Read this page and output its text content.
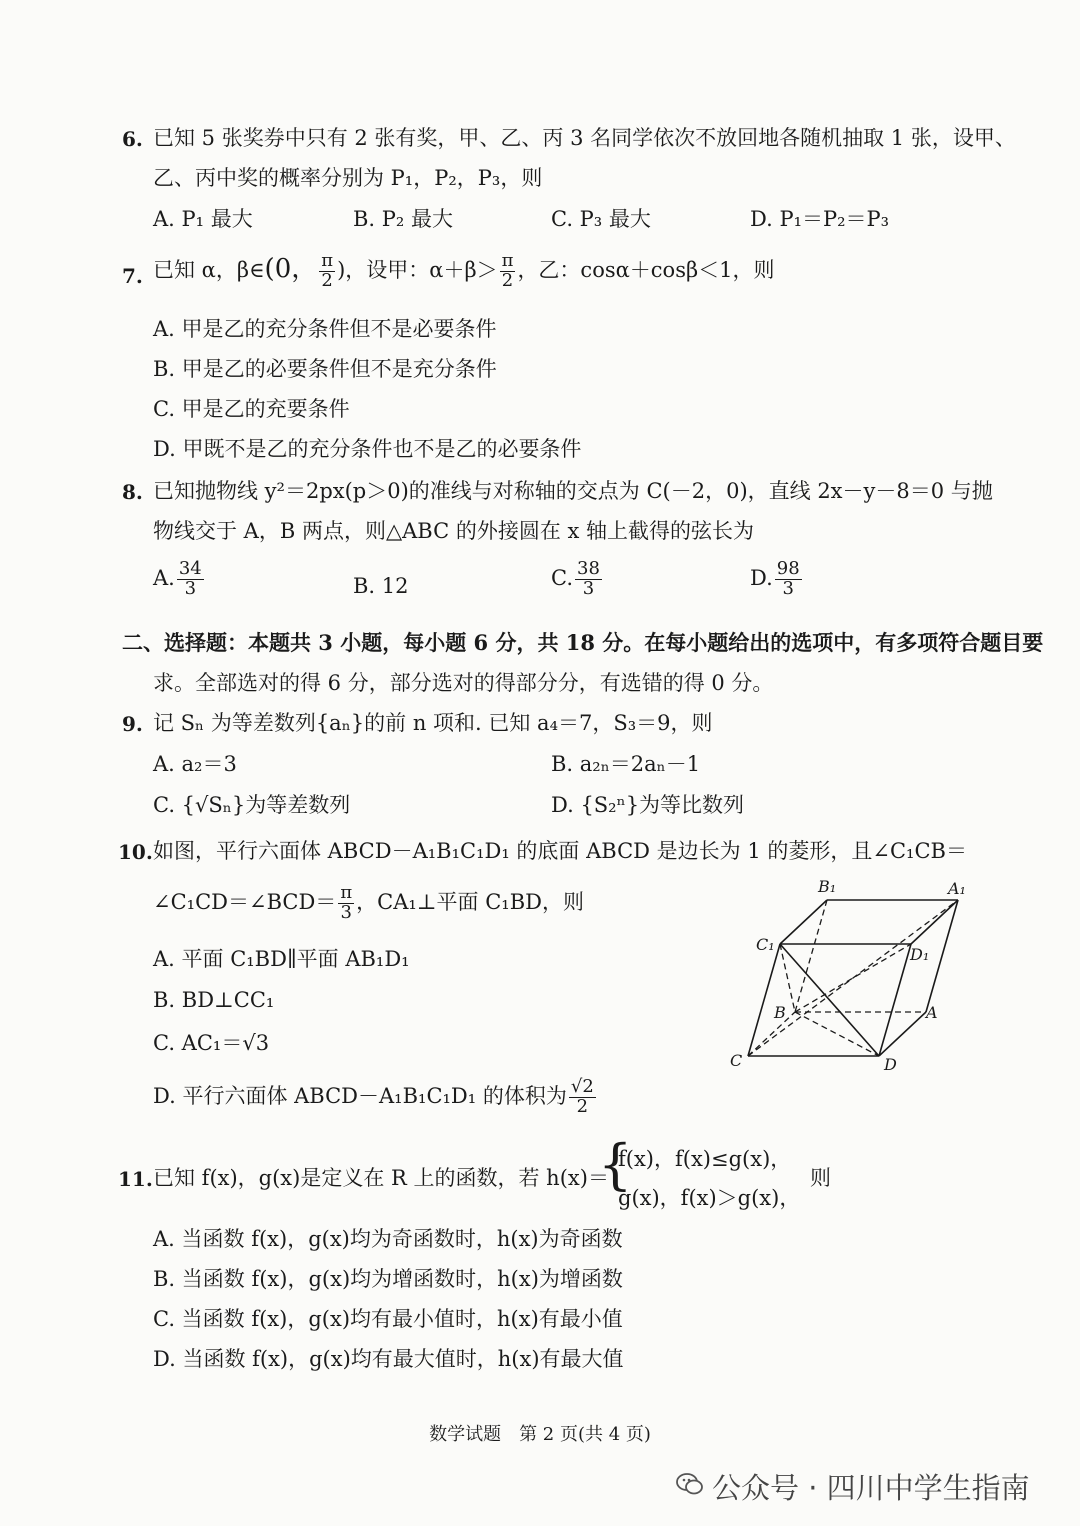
6. 已知 5 张奖券中只有 2 张有奖，甲、乙、丙 3 名同学依次不放回地各随机抽取 1 张，设甲、
乙、丙中奖的概率分别为 P₁，P₂，P₃，则
A. P₁ 最大	B. P₂ 最大	C. P₃ 最大	D. P₁＝P₂＝P₃
7. 已知 α，β∈(0， $\frac{\pi}{2}$ )，设甲：$\alpha+\beta> \frac{\pi}{2}$ ，乙：cosα＋cosβ＜1，则
A. 甲是乙的充分条件但不是必要条件
B. 甲是乙的必要条件但不是充分条件
C. 甲是乙的充要条件
D. 甲既不是乙的充分条件也不是乙的必要条件
8. 已知抛物线 y²＝2px(p＞0)的准线与对称轴的交点为 C(－2，0)，直线 2x－y－8＝0 与抛
物线交于 A，B 两点，则△ABC 的外接圆在 x 轴上截得的弦长为
A. $\frac{34}{3}$	B. 12	C. $\frac{38}{3}$	D. $\frac{98}{3}$
二、选择题：本题共 3 小题，每小题 6 分，共 18 分。在每小题给出的选项中，有多项符合题目要
求。全部选对的得 6 分，部分选对的得部分分，有选错的得 0 分。
9. 记 Sₙ 为等差数列{aₙ}的前 n 项和. 已知 a₄＝7，S₃＝9，则
A. a₂＝3	B. a₂ₙ＝2aₙ－1
C. {√Sₙ}为等差数列	D. {S₂ⁿ}为等比数列
10. 如图，平行六面体 ABCD－A₁B₁C₁D₁ 的底面 ABCD 是边长为 1 的菱形，且∠C₁CB＝
∠C₁CD＝∠BCD＝ $\frac{\pi}{3}$ ，CA₁⊥平面 C₁BD，则
A. 平面 C₁BD∥平面 AB₁D₁
B. BD⊥CC₁
C. AC₁＝√3
D. 平行六面体 ABCD－A₁B₁C₁D₁ 的体积为 $\frac{√2}{2}$
B₁	A₁
C₁
D₁
B	A
C	D
11. 已知 f(x)，g(x)是定义在 R 上的函数，若 h(x)＝
{
f(x)，f(x)≤g(x)，
g(x)，f(x)＞g(x)，
则
A. 当函数 f(x)，g(x)均为奇函数时，h(x)为奇函数
B. 当函数 f(x)，g(x)均为增函数时，h(x)为增函数
C. 当函数 f(x)，g(x)均有最小值时，h(x)有最小值
D. 当函数 f(x)，g(x)均有最大值时，h(x)有最大值
数学试题　第 2 页(共 4 页)
公众号 · 四川中学生指南
